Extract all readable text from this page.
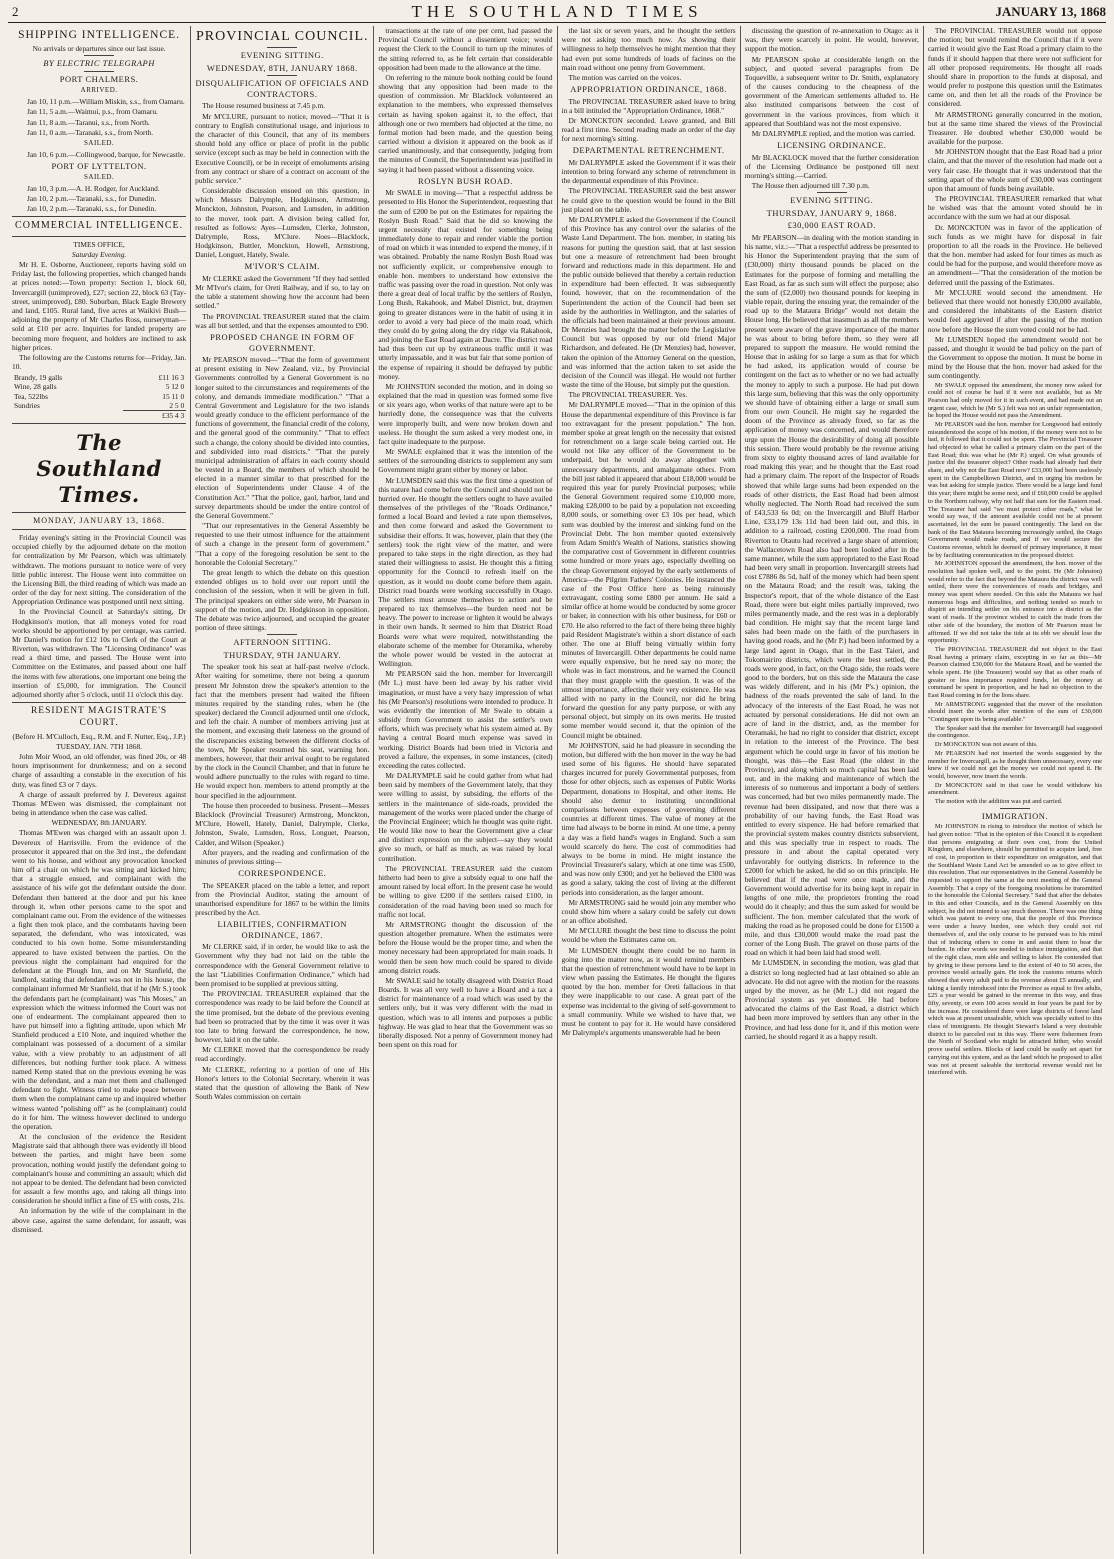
2	THE SOUTHLAND TIMES	JANUARY 13, 1868
SHIPPING INTELLIGENCE.

No arrivals or departures since our last issue.

BY ELECTRIC TELEGRAPH
PORT CHALMERS.
ARRIVED.

Jan 10, 11 p.m.—William Miskin, s.s., from Oamaru.

Jan 11, 5 a.m.—Waimui, p.s., from Oamaru.

Jan 11, 8 a.m.—Taranui, s.s., from North.

Jan 11, 0 a.m.—Taranaki, s.s., from North.

SAILED.

Jan 10, 6 p.m.—Collingwood, barque, for Newcastle.

PORT OF LYTTELTON.
SAILED.

Jan 10, 3 p.m.—A. H. Rodger, for Auckland.

Jan 10, 2 p.m.—Taranaki, s.s., for Dunedin.

Jan 10, 2 p.m.—Taranaki, s.s., for Dunedin.

COMMERCIAL INTELLIGENCE.

TIMES OFFICE,

Saturday Evening.

Mr H. E. Osborne, Auctioneer, reports having sold on Friday last, the following properties, which changed hands at prices noted:—Town property: Section 1, block 60, Invercargill (unimproved), £27; section 22, block 63 (Tay-street, unimproved), £80. Suburban, Black Eagle Brewery and land, £105. Rural land, five acres at Waikivi Bush—adjoining the property of Mr Charles Ross, nurseryman—sold at £10 per acre. Inquiries for landed property are becoming more frequent, and holders are inclined to ask higher prices.

The following are the Customs returns for—Friday, Jan. 10.

Brandy, 19 galls	£11 16 3
Wine, 28 galls	5 12 0
Tea, 522lbs	15 11 0
Sundries	2 5 0
	£35 4 3
The Southland Times.
MONDAY, JANUARY 13, 1868.

Friday evening's sitting in the Provincial Council was occupied chiefly by the adjourned debate on the motion for centralization by Mr Pearson, which was ultimately withdrawn. The motions pursuant to notice were of very little public interest. The House went into committee on the Licensing Bill, the third reading of which was made an order of the day for next sitting. The consideration of the Appropriation Ordinance was postponed until next sitting.

In the Provincial Council at Saturday's sitting, Dr Hodgkinson's motion, that all moneys voted for road works should be apportioned by per centage, was carried. Mr Daniel's motion for £12 10s to Clerk of the Court at Riverton, was withdrawn. The "Licensing Ordinance" was read a third time, and passed. The House went into Committee on the Estimates, and passed about one half the items with few alterations, one important one being the insertion of £5,000, for immigration. The Council adjourned shortly after 5 o'clock, until 11 o'clock this day.

RESIDENT MAGISTRATE'S COURT.

(Before H. M'Culloch, Esq., R.M. and F. Nutter, Esq., J.P.)

TUESDAY, JAN. 7TH 1868.

John Moir Wood, an old offender, was fined 20s, or 48 hours imprisonment for drunkenness; and on a second charge of assaulting a constable in the execution of his duty, was fined £3 or 7 days.

A charge of assault preferred by J. Devereux against Thomas M'Ewen was dismissed, the complainant not being in attendance when the case was called.

WEDNESDAY, 8th JANUARY.

Thomas M'Ewen was charged with an assault upon J. Devereux of Harrisville. From the evidence of the prosecutor it appeared that on the 3rd inst., the defendant went to his house, and without any provocation knocked him off a chair on which he was sitting and kicked him; that a struggle ensued, and complainant with the assistance of his wife got the defendant outside the door. Defendant then battered at the door and put his knee through it, when other persons came to the spot and complainant came out. From the evidence of the witnesses a fight then took place, and the combatants having been separated, the defendant, who was intoxicated, was conducted to his own home. Some misunderstanding appeared to have existed between the parties. On the previous night the complainant had enquired for the defendant at the Plough Inn, and on Mr Stanfield, the landlord, stating that defendant was not in his house, the complainant informed Mr Stanfield, that if he (Mr S.) took the defendants part he (complainant) was "his Moses," an expression which the witness informed the Court was not one of endearment. The complainant appeared then to have put himself into a fighting attitude, upon which Mr Stanfield produced a £10 Note, and inquired whether the complainant was possessed of a document of a similar value, with a view probably to an adjustment of all differences, but nothing further took place. A witness named Kemp stated that on the previous evening he was with the defendant, and a man met them and challenged defendant to fight. Witness tried to make peace between them when the complainant came up and inquired whether witness wanted "polishing off" as he (complainant) could do it for him. The witness however declined to undergo the operation.

At the conclusion of the evidence the Resident Magistrate said that although there was evidently ill blood between the parties, and might have been some provocation, nothing would justify the defendant going to complainant's house and committing an assault; which did not appear to be denied. The defendant had been convicted for assault a few months ago, and taking all things into consideration he should inflict a fine of £5 with costs, 21s.

An information by the wife of the complainant in the above case, against the same defendant, for assault, was dismissed.

PROVINCIAL COUNCIL.
EVENING SITTING.
WEDNESDAY, 8TH, JANUARY 1868.
DISQUALIFICATION OF OFFICIALS AND CONTRACTORS.

The House resumed business at 7.45 p.m.

Mr M'CLURE, pursuant to notice, moved—"That it is contrary to English constitutional usage, and injurious to the character of this Council, that any of its members should hold any office or place of profit in the public service (except such as may be held in connection with the Executive Council), or be in receipt of emoluments arising from any contract or share of a contract on account of the public service."

Considerable discussion ensued on this question, in which Messrs Dalrymple, Hodgkinson, Armstrong, Monckton, Johnston, Pearson, and Lumsden, in addition to the mover, took part. A division being called for, resulted as follows: Ayes—Lumsden, Clerke, Johnston, Dalrymple, Ross, M'Clure. Noes—Blacklock, Hodgkinson, Buttler, Monckton, Howell, Armstrong, Daniel, Longuet, Hately, Swale.

M'IVOR'S CLAIM.

Mr CLERKE asked the Government "If they had settled Mr M'Ivor's claim, for Oreti Railway, and if so, to lay on the table a statement showing how the account had been settled."

The PROVINCIAL TREASURER stated that the claim was all but settled, and that the expenses amounted to £90.

PROPOSED CHANGE IN FORM OF GOVERNMENT.

Mr PEARSON moved—"That the form of government at present existing in New Zealand, viz., by Provincial Governments controlled by a General Government is no longer suited to the circumstances and requirements of the colony, and demands immediate modification." "That a Central Government and Legislature for the two islands would greatly conduce to the efficient performance of the functions of government, the financial credit of the colony, and the general good of the community." "That to effect such a change, the colony should be divided into counties, and subdivided into road districts." "That the purely municipal administration of affairs in each county should be vested in a Board, the members of which should be elected in a manner similar to that prescribed for the election of Superintendents under Clause 4 of the Constitution Act." "That the police, gaol, harbor, land and survey departments should be under the entire control of the General Government."

"That our representatives in the General Assembly be requested to use their utmost influence for the attainment of such a change in the present form of government." "That a copy of the foregoing resolution be sent to the honorable the Colonial Secretary."

The great length to which the debate on this question extended obliges us to hold over our report until the conclusion of the session, when it will be given in full. The principal speakers on either side were, Mr Pearson in support of the motion, and Dr. Hodgkinson in opposition. The debate was twice adjourned, and occupied the greater portion of three sittings.

AFTERNOON SITTING.
THURSDAY, 9TH JANUARY.

The speaker took his seat at half-past twelve o'clock. After waiting for sometime, there not being a quorum present Mr Johnston drew the speaker's attention to the fact that the members present had waited the fifteen minutes required by the standing rules, when he (the speaker) declared the Council adjourned until one o'clock, and left the chair. A number of members arriving just at the moment, and excusing their lateness on the ground of the discrepancies existing between the different clocks of the town, Mr Speaker resumed his seat, warning hon. members, however, that their arrival ought to be regulated by the clock in the Council Chamber, and that in future he would adhere punctually to the rules with regard to time. He would expect hon. members to attend promptly at the hour specified in the adjournment.

The house then proceeded to business. Present—Messrs Blacklock (Provincial Treasurer) Armstrong, Monckton, M'Clure, Howell, Hately, Daniel, Dalrymple, Clerke, Johnston, Swale, Lumsden, Ross, Longuet, Pearson, Calder, and Wilson (Speaker.)

After prayers, and the reading and confirmation of the minutes of previous sitting—

CORRESPONDENCE.

The SPEAKER placed on the table a letter, and report from the Provincial Auditor, stating the amount of unauthorised expenditure for 1867 to be within the limits prescribed by the Act.

LIABILITIES, CONFIRMATION ORDINANCE, 1867.

Mr CLERKE said, if in order, he would like to ask the Government why they had not laid on the table the correspondence with the General Government relative to the last "Liabilities Confirmation Ordinance," which had been promised to be supplied at previous sitting.

The PROVINCIAL TREASURER explained that the correspondence was ready to be laid before the Council at the time promised, but the debate of the previous evening had been so protracted that by the time it was over it was too late to bring forward the correspondence, he now, however, laid it on the table.

Mr CLERKE moved that the correspondence be ready read accordingly.

Mr CLERKE, referring to a portion of one of His Honor's letters to the Colonial Secretary, wherein it was stated that the question of allowing the Bank of New South Wales commission on certain

transactions at the rate of one per cent, had passed the Provincial Council without a dissentient voice; would request the Clerk to the Council to turn up the minutes of the sitting referred to, as he felt certain that considerable opposition had been made to the allowance at the time.

On referring to the minute book nothing could be found showing that any opposition had been made to the question of commission. Mr Blacklock volunteered an explanation to the members, who expressed themselves certain as having spoken against it, to the effect, that although one or two members had objected at the time, no formal motion had been made, and the question being carried without a division it appeared on the book as if carried unanimously, and that consequently, judging from the minutes of Council, the Superintendent was justified in saying it had been passed without a dissenting voice.

ROSLYN BUSH ROAD.

Mr SWALE in moving—"That a respectful address be presented to His Honor the Superintendent, requesting that the sum of £200 be put on the Estimates for repairing the Roslyn Bush Road." Said that he did so knowing the urgent necessity that existed for something being immediately done to repair and render viable the portion of road on which it was intended to expend the money, if it was obtained. Probably the name Roslyn Bush Road was not sufficiently explicit, or comprehensive enough to enable hon. members to understand how extensive the traffic was passing over the road in question. Not only was there a great deal of local traffic by the settlers of Roslyn, Long Bush, Rakahook, and Mabel District, but, draymen going to greater distances were in the habit of using it in order to avoid a very bad piece of the main road, which they could do by going along the dry ridge via Rakahook, and joining the East Road again at Dacre. The district road had thus been cut up by extraneous traffic until it was utterly impassable, and it was but fair that some portion of the expense of repairing it should be defrayed by public money.

Mr JOHNSTON seconded the motion, and in doing so explained that the road in question was formed some five or six years ago, when works of that nature were apt to be hurriedly done, the consequence was that the culverts were improperly built, and were now broken down and useless. He thought the sum asked a very modest one, in fact quite inadequate to the purpose.

Mr SWALE explained that it was the intention of the settlers of the surrounding districts to supplement any sum Government might grant either by money or labor.

Mr LUMSDEN said this was the first time a question of this nature had come before the Council and should not be hurried over. He thought the settlers ought to have availed themselves of the privileges of the "Roads Ordinance," formed a local Board and levied a rate upon themselves, and then come forward and asked the Government to subsidise their efforts. It was, however, plain that they (the settlers) took the right view of the matter, and were prepared to take steps in the right direction, as they had stated their willingness to assist. He thought this a fitting opportunity for the Council to refresh itself on the question, as it would no doubt come before them again. District road boards were working successfully in Otago. The settlers must arouse themselves to action and be prepared to tax themselves—the burden need not be heavy. The power to increase or lighten it would be always in their own hands. It seemed to him that District Road Boards were what were required, notwithstanding the elaborate scheme of the member for Oteramika, whereby the whole power would be vested in the autocrat at Wellington.

Mr PEARSON said the hon. member for Invercargill (Mr L.) must have been led away by his rather vivid imagination, or must have a very hazy impression of what his (Mr Pearson's) resolutions were intended to produce. It was evidently the intention of Mr Swale to obtain a subsidy from Government to assist the settler's own efforts, which was precisely what his system aimed at. By having a central Board much expense was saved in working. District Boards had been tried in Victoria and proved a failure, the expenses, in some instances, (cited) exceeding the rates collected.

Mr DALRYMPLE said he could gather from what had been said by members of the Government lately, that they were willing to assist, by subsiding, the efforts of the settlers in the maintenance of side-roads, provided the management of the works were placed under the charge of the Provincial Engineer; which he thought was quite right. He would like now to hear the Government give a clear and distinct expression on the subject—say they would give so much, or half as much, as was raised by local contribution.

The PROVINCIAL TREASURER said the custom hitherto had been to give a subsidy equal to one half the amount raised by local effort. In the present case he would be willing to give £200 if the settlers raised £100, in consideration of the road having been used so much for traffic not local.

Mr ARMSTRONG thought the discussion of the question altogether premature. When the estimates were before the House would be the proper time, and when the money necessary had been appropriated for main roads. It would then be seen how much could be spared to divide among district roads.

Mr SWALE said he totally disagreed with District Road Boards. It was all very well to have a Board and a tax a district for maintenance of a road which was used by the settlers only, but it was very different with the road in question, which was to all intents and purposes a public highway. He was glad to hear that the Government was so liberally disposed. Not a penny of Government money had been spent on this road for

the last six or seven years, and he thought the settlers were not asking too much now. As showing their willingness to help themselves he might mention that they had even put some hundreds of loads of facines on the main road without one penny from Government.

The motion was carried on the voices.

APPROPRIATION ORDINANCE, 1868.

The PROVINCIAL TREASURER asked leave to bring in a bill intituled the "Appropriation Ordinance, 1868."

Dr MONCKTON seconded. Leave granted, and Bill read a first time. Second reading made an order of the day for next morning's sitting.

DEPARTMENTAL RETRENCHMENT.

Mr DALRYMPLE asked the Government if it was their intention to bring forward any scheme of retrenchment in the departmental expenditure of this Province.

The PROVINCIAL TREASURER said the best answer he could give to the question would be found in the Bill just placed on the table.

Mr DALRYMPLE asked the Government if the Council of this Province has any control over the salaries of the Waste Land Department. The hon. member, in stating his reasons for putting the question said, that at last session but one a measure of retrenchment had been brought forward and reductions made in this department. He and the public outside believed that thereby a certain reduction in expenditure had been effected. It was subsequently found, however, that on the recommendation of the Superintendent the action of the Council had been set aside by the authorities in Wellington, and the salaries of the officials had been maintained at their previous amount. Dr Menzies had brought the matter before the Legislative Council but was opposed by our old friend Major Richardson, and defeated. He (Dr Menzies) had, however, taken the opinion of the Attorney General on the question, and was informed that the action taken to set aside the decision of the Council was illegal. He would not further waste the time of the House, but simply put the question.

The PROVINCIAL TREASURER. Yes.

Mr DALRYMPLE moved—"That in the opinion of this House the departmental expenditure of this Province is far too extravagant for the present population." The hon. member spoke at great length on the necessity that existed for retrenchment on a large scale being carried out. He would not like any officer of the Government to be underpaid, but he would do away altogether with unnecessary departments, and amalgamate others. From the bill just tabled it appeared that about £18,000 would be required this year for purely Provincial purposes; while the General Government required some £10,000 more, making £28,000 to be paid by a population not exceeding 8,000 souls, or something over £3 10s per head, which sum was doubled by the interest and sinking fund on the Provincial Debt. The hon member quoted extensively from Adam Smith's Wealth of Nations, statistics showing the comparative cost of Government in different countries some hundred or more years ago, especially dwelling on the cheap Government enjoyed by the early settlements of America—the Pilgrim Fathers' Colonies. He instanced the case of the Post Office here as being ruinously extravagant, costing some £800 per annum. He said a similar office at home would be conducted by some grocer or baker, in connection with his other business, for £60 or £70. He also referred to the fact of there being three highly paid Resident Magistrate's within a short distance of each other. The one at Bluff being virtually within forty minutes of Invercargill. Other departments he could name were equally expensive, but he need say no more; the whole was in fact monstrous, and he warned the Council that they must grapple with the question. It was of the utmost importance, affecting their very existence. He was allied with no party in the Council, nor did he bring forward the question for any party purpose, or with any personal object, but simply on its own merits. He trusted some member would second it, that the opinion of the Council might be obtained.

Mr JOHNSTON, said he had pleasure in seconding the motion, but differed with the hon mover in the way he had used some of his figures. He should have separated charges incurred for purely Governmental purposes, from those for other objects, such as expenses of Public Works Department, donations to Hospital, and other items. He should also demur to instituting unconditional comparisons between expenses of governing different countries at different times. The value of money at the time had always to be borne in mind. At one time, a penny a day was a field hand's wages in England. Such a sum would scarcely do here. The cost of commodities had always to be borne in mind. He might instance the Provincial Treasurer's salary, which at one time was £500, and was now only £300; and yet he believed the £300 was as good a salary, taking the cost of living at the different periods into consideration, as the larger amount.

Mr ARMSTRONG said he would join any member who could show him where a salary could be safely cut down or an office abolished.

Mr M'CLURE thought the best time to discuss the point would be when the Estimates came on.

Mr LUMSDEN thought there could be no harm in going into the matter now, as it would remind members that the question of retrenchment would have to be kept in view when passing the Estimates. He thought the figures quoted by the hon. member for Oreti fallacious in that they were inapplicable to our case. A great part of the expense was incidental to the giving of self-government to a small community. While we wished to have that, we must be content to pay for it. He would have considered Mr Dalrymple's arguments unanswerable had he been

discussing the question of re-annexation to Otago: as it was, they were scarcely in point. He would, however, support the motion.

Mr PEARSON spoke at considerable length on the subject, and quoted several paragraphs from De Toqueville, a subsequent writer to Dr. Smith, explanatory of the causes conducing to the cheapness of the government of the American settlements alluded to. He also instituted comparisons between the cost of government in the various provinces, from which it appeared that Southland was not the most expensive.

Mr DALRYMPLE replied, and the motion was carried.

LICENSING ORDINANCE.

Mr BLACKLOCK moved that the further consideration of the Licensing Ordinance be postponed till next morning's sitting.—Carried.

The House then adjourned till 7.30 p.m.

EVENING SITTING.
THURSDAY, JANUARY 9, 1868.
£30,000 EAST ROAD.

Mr PEARSON—in dealing with the motion standing in his name, viz.:—"That a respectful address be presented to his Honor the Superintendent praying that the sum of (£30,000) thirty thousand pounds be placed on the Estimates for the purpose of forming and metalling the East Road, as far as such sum will effect the purpose; also the sum of (£2,000) two thousand pounds for keeping in viable repair, during the ensuing year, the remainder of the road up to the Mataura Bridge" would not detain the House long. He believed that inasmuch as all the members present were aware of the grave importance of the matter he was about to bring before them, so they were all prepared to support the measure. He would remind the House that in asking for so large a sum as that for which he had asked, its application would of course be contingent on the fact as to whether or no we had actually the money to apply to such a purpose. He had put down this large sum, believing that this was the only opportunity we should have of obtaining either a large or small sum from our own Council. He might say he regarded the doom of the Province as already fixed, so far as the application of money was concerned, and would therefore urge upon the House the desirability of doing all possible this session. There would probably be the revenue arising from sixty to eighty thousand acres of land available for road making this year; and he thought that the East road had a primary claim. The report of the Inspector of Roads showed that while large sums had been expended on the roads of other districts, the East Road had been almost wholly neglected. The North Road had received the sum of £43,533 6s 0d; on the Invercargill and Bluff Harbor Line, £33,179 13s 11d had been laid out, and this, in addition to a railroad, costing £200,000. The road from Riverton to Otautu had received a large share of attention; the Wallacetown Road also had been looked after in the same manner, while the sum appropriated to the East Road had been very small in proportion. Invercargill streets had cost £7886 8s 5d, half of the money which had been spent on the Mataura Road; and the result was, taking the Inspector's report, that of the whole distance of the East Road, there were but eight miles partially improved, two miles permanently made, and the rest was in a deplorably bad condition. He might say that the recent large land sales had been made on the faith of the purchasers in having good roads, and he (Mr P.) had been informed by a large land agent in Otago, that in the East Taieri, and Tokomairiro districts, which were the best settled, the roads were good, in fact, on the Otago side, the roads were good to the borders, but on this side the Mataura the case was widely different, and in his (Mr P's.) opinion, the badness of the roads prevented the sale of land. In the advocacy of the interests of the East Road, he was not actuated by personal considerations. He did not own an acre of land in the district, and, as the member for Oteramaki, he had no right to consider that district, except in relation to the interest of the Province. The best argument which he could urge in favor of his motion he thought, was this—the East Road (the oldest in the Province), and along which so much capital has been laid out, and in the making and maintenance of which the interests of so numerous and important a body of settlers was concerned, had but two miles permanently made. The revenue had been dissipated, and now that there was a probability of our having funds, the East Road was entitled to every sixpence. He had before remarked that the provincial system makes country districts subservient, and this was specially true in respect to roads. The pressure in and about the capital operated very unfavorably for outlying districts. In reference to the £2000 for which he asked, he did so on this principle. He believed that if the road were once made, and the Government would advertise for its being kept in repair in lengths of one mile, the proprietors fronting the road would do it cheaply; and thus the sum asked for would be sufficient. The hon. member calculated that the work of making the road as he proposed could be done for £1500 a mile, and thus £30,000 would make the road past the corner of the Long Bush. The gravel on those parts of the road on which it had been laid had stood well.

Mr LUMSDEN, in seconding the motion, was glad that a district so long neglected had at last obtained so able an advocate. He did not agree with the motion for the reasons urged by the mover, as he (Mr L.) did not regard the Provincial system as yet doomed. He had before advocated the claims of the East Road, a district which had been more improved by settlers than any other in the Province, and had less done for it, and if this motion were carried, he should regard it as a happy result.

The PROVINCIAL TREASURER would not oppose the motion; but would remind the Council that if it were carried it would give the East Road a primary claim to the funds if it should happen that there were not sufficient for all other proposed requirements. He thought all roads should share in proportion to the funds at disposal, and would prefer to postpone this question until the Estimates came on, and then let all the roads of the Province be considered.

Mr ARMSTRONG generally concurred in the motion, but at the same time shared the views of the Provincial Treasurer. He doubted whether £30,000 would be available for the purpose.

Mr JOHNSTON thought that the East Road had a prior claim, and that the mover of the resolution had made out a very fair case. He thought that it was understood that the setting apart of the whole sum of £30,000 was contingent upon that amount of funds being available.

The PROVINCIAL TREASURER remarked that what he wished was that the amount voted should be in accordance with the sum we had at our disposal.

Dr. MONCKTON was in favor of the application of such funds as we might have for disposal in fair proportion to all the roads in the Province. He believed that the hon. member had asked for four times as much as could be had for the purpose, and would therefore move as an amendment—"That the consideration of the motion be deferred until the passing of the Estimates.

Mr M'CLURE would second the amendment. He believed that there would not honestly £30,000 available, and considered the inhabitants of the Eastern district would feel aggrieved if after the passing of the motion now before the House the sum voted could not be had.

Mr LUMSDEN hoped the amendment would not be passed, and thought it would be bad policy on the part of the Government to oppose the motion. It must be borne in mind by the House that the hon. mover had asked for the sum contingently.

Mr SWALE opposed the amendment, the money now asked for could not of course be had if it were not available, but as Mr Pearson had only moved for it in such event, and had made out an urgent case, which he (Mr S.) felt was not an unfair representation, he hoped the House would not pass the Amendment.

Mr PEARSON said the hon. member for Longwood had entirely misunderstood the scope of his motion, if the money were not to be had, it followed that it could not be spent. The Provincial Treasurer had objected to what he called a primary claim on the part of the East Road; this was what he (Mr P.) urged. On what grounds of justice did the treasurer object? Other roads had already had their share, and why not the East Road now? £33,000 had been uselessly spent in the Campbelltown District, and in urging his motion he was but asking for simple justice. There would be a large land fund this year; there might be some next, and if £60,000 could be applied to the Northern railway, why not half that sum for the Eastern road. The Treasurer had said "we must protect other roads," what he would say was, if the amount available could not be at present ascertained, let the sum be passed contingently. The land on the bank of the East Mataura becoming increasingly settled, the Otago Government would make roads, and if we would secure the Customs revenue, which he deemed of primary importance, it must be by facilitating communication in the proposed district.

Mr JOHNSTON opposed the amendment, the hon. mover of the resolution had spoken well, and to the point. He (Mr Johnston) would refer to the fact that beyond the Mataura the district was well settled, there were the conveniences of roads and bridges, and money was spent where needed. On this side the Mataura we had numerous bogs and difficulties, and nothing tended so much to dispirit an intending settler on his entrance into a district as the want of roads. If the province wished to catch the trade from the other side of the boundary, the motion of Mr Pearson must be affirmed. If we did not take the tide at its ebb we should lose the opportunity.

The PROVINCIAL TREASURER did not object to the East Road having a primary claim, excepting in so far as this—Mr Pearson claimed £30,000 for the Mataura Road, and he wanted the whole spent. He (the Treasurer) would say that as other roads of greater or less importance required funds, let the money at command be spent in proportion, and he had no objection to the East Road coming in for the lions share.

Mr ARMSTRONG suggested that the mover of the resolution should insert the words after mention of the sum of £30,000 "Contingent upon its being available."

The Speaker said that the member for Invercargill had suggested the contingence.

Dr MONCKTON was not aware of this.

Mr PEARSON had not inserted the words suggested by the member for Invercargill, as he thought them unnecessary, every one knew if we could not get the money we could not spend it. He would, however, now insert the words.

Dr MONCKTON said in that case he would withdraw his amendment.

The motion with the addition was put and carried.

IMMIGRATION.

Mr JOHNSTON in rising to introduce the motion of which he had given notice: "That in the opinion of this Council it is expedient that persons emigrating at their own cost, from the United Kingdom, and elsewhere, should be permitted to acquire land, free of cost, in proportion to their expenditure on emigration, and that the Southland Waste Land Act be amended so as to give effect to this resolution. That our representatives in the General Assembly be requested to support the same at the next meeting of the General Assembly. That a copy of the foregoing resolutions be transmitted to the honorable the Colonial Secretary." Said that after the debates in this and other Councils, and in the General Assembly on this subject, he did not intend to say much thereon. There was one thing which was patent to every one, that the people of this Province were under a heavy burden, one which they could not rid themselves of, and the only course to be pursued was to his mind that of inducing others to come in and assist them to bear the burden. In other words we needed to induce immigration, and that of the right class, men able and willing to labor. He contended that by giving to these persons land to the extent of 40 to 50 acres, the province would actually gain. He took the customs returns which showed that every adult paid to the revenue about £5 annually, and taking a family introduced into the Province as equal to five adults, £25 a year would be gained to the revenue in this way, and thus fifty, seventy, or even 100 acres would in four years be paid for by the increase. He considered there were large districts of forest land which was at present unsaleable, which was specially suited to this class of immigrants. He thought Stewart's Island a very desirable district to be parceled out in this way. There were fishermen from the North of Scotland who might be attracted hither, who would prove useful settlers. Blocks of land could be easily set apart for carrying out this system, and as the land which he proposed to allot was not at present saleable the territorial revenue would not be interfered with.
